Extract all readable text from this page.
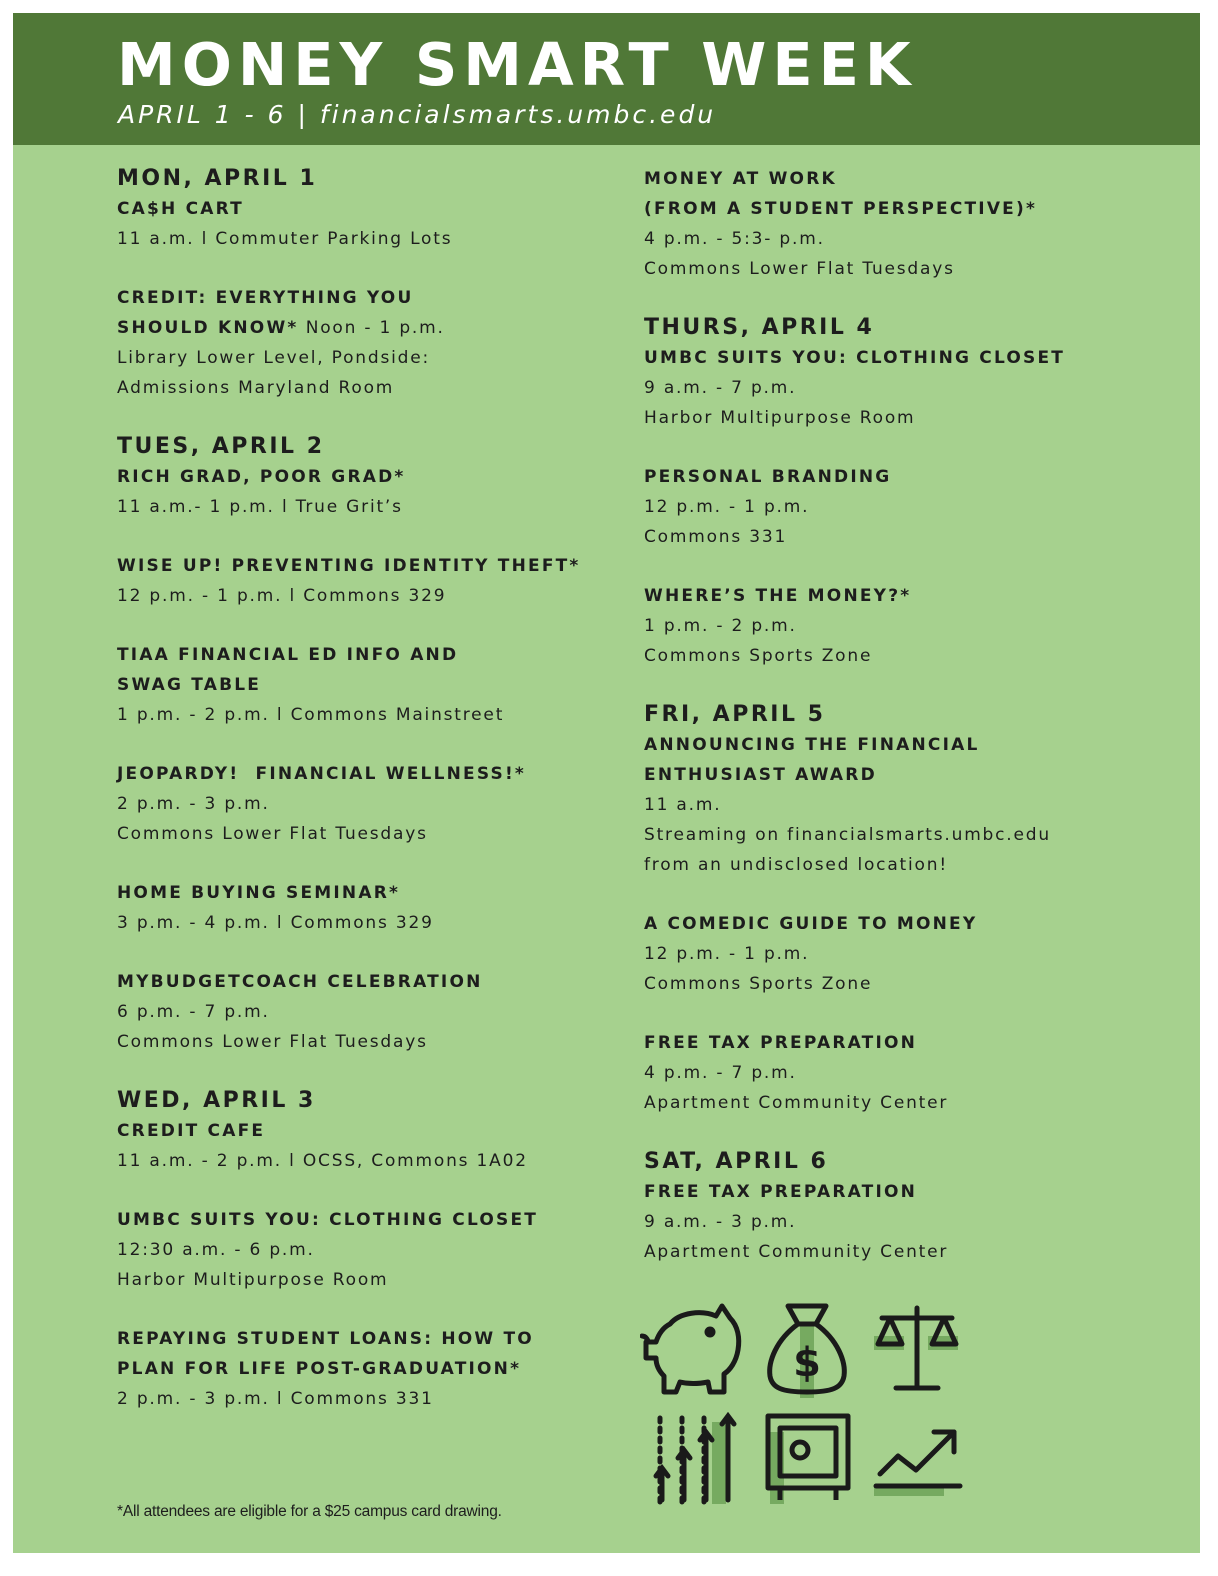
MONEY SMART WEEK
APRIL 1 - 6 | financialsmarts.umbc.edu

MON, APRIL 1

CA$H CART

11 a.m. l Commuter Parking Lots

CREDIT: EVERYTHING YOU

SHOULD KNOW* Noon - 1 p.m.

Library Lower Level, Pondside:

Admissions Maryland Room

TUES, APRIL 2

RICH GRAD, POOR GRAD*

11 a.m.- 1 p.m. l True Grit’s

WISE UP! PREVENTING IDENTITY THEFT*

12 p.m. - 1 p.m. l Commons 329

TIAA FINANCIAL ED INFO AND

SWAG TABLE

1 p.m. - 2 p.m. l Commons Mainstreet

JEOPARDY!  FINANCIAL WELLNESS!*

2 p.m. - 3 p.m.

Commons Lower Flat Tuesdays

HOME BUYING SEMINAR*

3 p.m. - 4 p.m. l Commons 329

MYBUDGETCOACH CELEBRATION

6 p.m. - 7 p.m.

Commons Lower Flat Tuesdays

WED, APRIL 3

CREDIT CAFE

11 a.m. - 2 p.m. l OCSS, Commons 1A02

UMBC SUITS YOU: CLOTHING CLOSET

12:30 a.m. - 6 p.m.

Harbor Multipurpose Room

REPAYING STUDENT LOANS: HOW TO

PLAN FOR LIFE POST-GRADUATION*

2 p.m. - 3 p.m. l Commons 331

MONEY AT WORK

(FROM A STUDENT PERSPECTIVE)*

4 p.m. - 5:3- p.m.

Commons Lower Flat Tuesdays

THURS, APRIL 4

UMBC SUITS YOU: CLOTHING CLOSET

9 a.m. - 7 p.m.

Harbor Multipurpose Room

PERSONAL BRANDING

12 p.m. - 1 p.m.

Commons 331

WHERE’S THE MONEY?*

1 p.m. - 2 p.m.

Commons Sports Zone

FRI, APRIL 5

ANNOUNCING THE FINANCIAL

ENTHUSIAST AWARD

11 a.m.

Streaming on financialsmarts.umbc.edu

from an undisclosed location!

A COMEDIC GUIDE TO MONEY

12 p.m. - 1 p.m.

Commons Sports Zone

FREE TAX PREPARATION

4 p.m. - 7 p.m.

Apartment Community Center

SAT, APRIL 6

FREE TAX PREPARATION

9 a.m. - 3 p.m.

Apartment Community Center

$
*All attendees are eligible for a $25 campus card drawing.
